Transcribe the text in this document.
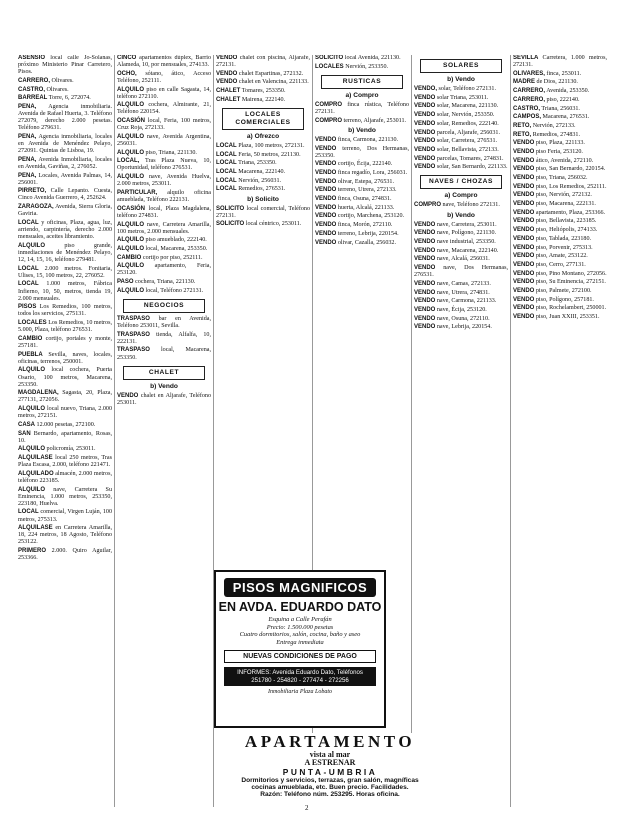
ASENSIO local calle Jo-Solanas, próximo Ministerio Pinar Carretero, Pisos.

CARRERO, Olivares.

CASTRO, Olivares.

BARREAL Torre, 6, 272074.

PENA, Agencia inmobiliaria. Avenida de Rafael Huerta, 3. Teléfono 272079, derecho 2.000 pesetas. Teléfono 279631.

PENA, Agencia inmobiliaria, locales en Avenida de Menéndez Pelayo, 272091. Quintas de Lisboa, 19.

PENA, Avenida Inmobiliaria, locales en Avenida, Gaviñas, 2, 276052.

PENA, Locales, Avenida Palmas, 14, 256001.

PIRRETO, Calle Lepanto. Cuesta, Cinco Avenida Guerrero, 4, 252624.

ZARAGOZA, Avenida, Sierra Gloria, Gaviria.

LOCAL y oficinas, Plaza, agua, luz, arriendo, carpintería, derecho 2.000 mensuales, aceites libramiento.

ALQUILO piso grande, inmediaciones de Menéndez Pelayo, 12, 14, 15, 16, teléfono 279481.

LOCAL 2.000 metros. Fonitaria, Ulises, 15, 100 metros, 22, 276052.

LOCAL 1.000 metros, Fábrica Infierno, 10, 50, metros, tienda 19, 2.000 mensuales.

PISOS Los Remedios, 100 metros, todos los servicios, 275131.

LOCALES Los Remedios, 10 metros, 5.000, Plaza, teléfono 276531.

CAMBIO cortijo, portales y monte, 257181.

PUEBLA Sevilla, naves, locales, oficinas, terrenos, 250001.

ALQUILO local cochera, Puerta Osario, 100 metros, Macarena, 253350.

MAGDALENA, Sagasta, 20, Plaza, 277131, 272056.

ALQUILO local nuevo, Triana, 2.000 metros, 272151.

CASA 12.000 pesetas, 272100.

SAN Bernardo, apartamento, Rosas, 10.

ALQUILO policromía, 253011.

ALQUILASE local 250 metros, Tras Plaza Escasa, 2.000, teléfono 221471.

ALQUILADO almacén, 2.000 metros, teléfono 223185.

ALQUILO nave, Carretera Su Eminencia, 1.000 metros, 253350, 223180, Huelva.

LOCAL comercial, Virgen Luján, 100 metros, 275313.

ALQUILASE en Carretera Amarilla, 18, 224 metros, 18 Agosto, Teléfono 253122.

PRIMERO 2.000. Quiro Aguilar, 253366.

CINCO apartamentos dúplex, Barrio Alameda, 10, por mensuales, 274133.

OCHO, sótano, ático, Acceso Teléfono, 252111.

ALQUILO piso en calle Sagasta, 14, teléfono 272110.

ALQUILO cochera, Almirante, 21, Teléfono 220154.

OCASIÓN local, Feria, 100 metros, Cruz Roja, 272133.

ALQUILO nave, Avenida Argentina, 256031.

ALQUILO piso, Triana, 221130.

LOCAL, Tras Plaza Nueva, 10, Oportunidad, teléfono 276531.

ALQUILO nave, Avenida Huelva, 2.000 metros, 253011.

PARTICULAR, alquilo oficina amueblada, Teléfono 222131.

OCASIÓN local, Plaza Magdalena, teléfono 274831.

ALQUILO nave, Carretera Amarilla, 100 metros, 2.000 mensuales.

ALQUILO piso amueblado, 222140.

ALQUILO local, Macarena, 253350.

CAMBIO cortijo por piso, 252111.

ALQUILO apartamento, Feria, 253120.

PASO cochera, Triana, 221130.

ALQUILO local, Teléfono 272131.

NEGOCIOS

TRASPASO bar en Avenida, Teléfono 253011, Sevilla.

TRASPASO tienda, Alfalfa, 10, 222131.

TRASPASO local, Macarena, 253350.

CHALET
b) Vendo

VENDO chalet en Aljarafe, Teléfono 253011.

VENDO chalet con piscina, Aljarafe, 272131.

VENDO chalet Espartinas, 272132.

VENDO chalet en Valencina, 221133.

CHALET Tomares, 253350.

CHALET Mairena, 222140.

LOCALES COMERCIALES
a) Ofrezco

LOCAL Plaza, 100 metros, 272131.

LOCAL Feria, 50 metros, 221130.

LOCAL Triana, 253350.

LOCAL Macarena, 222140.

LOCAL Nervión, 256031.

LOCAL Remedios, 276531.

b) Solicito

SOLICITO local comercial, Teléfono 272131.

SOLICITO local céntrico, 253011.

SOLICITO local Avenida, 221130.

LOCALES Nervión, 253350.

RUSTICAS
a) Compro

COMPRO finca rústica, Teléfono 272131.

COMPRO terreno, Aljarafe, 253011.

b) Vendo

VENDO finca, Carmona, 221130.

VENDO terreno, Dos Hermanas, 253350.

VENDO cortijo, Écija, 222140.

VENDO finca regadío, Lora, 256031.

VENDO olivar, Estepa, 276531.

VENDO terreno, Utrera, 272133.

VENDO finca, Osuna, 274831.

VENDO huerta, Alcalá, 221133.

VENDO cortijo, Marchena, 253120.

VENDO finca, Morón, 272110.

VENDO terreno, Lebrija, 220154.

VENDO olivar, Cazalla, 256032.

SOLARES
b) Vendo

VENDO, solar, Teléfono 272131.

VENDO solar Triana, 253011.

VENDO solar, Macarena, 221130.

VENDO solar, Nervión, 253350.

VENDO solar, Remedios, 222140.

VENDO parcela, Aljarafe, 256031.

VENDO solar, Carretera, 276531.

VENDO solar, Bellavista, 272133.

VENDO parcelas, Tomares, 274831.

VENDO solar, San Bernardo, 221133.

NAVES / CHOZAS
a) Compro

COMPRO nave, Teléfono 272131.

b) Vendo

VENDO nave, Carretera, 253011.

VENDO nave, Polígono, 221130.

VENDO nave industrial, 253350.

VENDO nave, Macarena, 222140.

VENDO nave, Alcalá, 256031.

VENDO nave, Dos Hermanas, 276531.

VENDO nave, Camas, 272133.

VENDO nave, Utrera, 274831.

VENDO nave, Carmona, 221133.

VENDO nave, Écija, 253120.

VENDO nave, Osuna, 272110.

VENDO nave, Lebrija, 220154.

SEVILLA Carretera, 1.000 metros, 272131.

OLIVARES, finca, 253011.

MADRE de Dios, 221130.

CARRERO, Avenida, 253350.

CARRERO, piso, 222140.

CASTRO, Triana, 256031.

CAMPOS, Macarena, 276531.

RETO, Nervión, 272133.

RETO, Remedios, 274831.

VENDO piso, Plaza, 221133.

VENDO piso Feria, 253120.

VENDO ático, Avenida, 272110.

VENDO piso, San Bernardo, 220154.

VENDO piso, Triana, 256032.

VENDO piso, Los Remedios, 252111.

VENDO piso, Nervión, 272132.

VENDO piso, Macarena, 222131.

VENDO apartamento, Plaza, 253366.

VENDO piso, Bellavista, 223185.

VENDO piso, Heliópolis, 274133.

VENDO piso, Tablada, 223180.

VENDO piso, Porvenir, 275313.

VENDO piso, Amate, 253122.

VENDO piso, Cerro, 277131.

VENDO piso, Pino Montano, 272056.

VENDO piso, Su Eminencia, 272151.

VENDO piso, Palmete, 272100.

VENDO piso, Polígono, 257181.

VENDO piso, Rochelambert, 250001.

VENDO piso, Juan XXIII, 253351.

PISOS MAGNIFICOS
EN AVDA. EDUARDO DATO
Esquina a Calle Perafán
Precio: 1.500.000 pesetas
Cuatro dormitorios, salón, cocina, baño y aseo
Entrega inmediata
NUEVAS CONDICIONES DE PAGO
INFORMES: Avenida Eduardo Dato, Teléfonos 251780 - 254820 - 277474 - 272256
Inmobiliaria Plaza Lobato
APARTAMENTO
vista al mar
A ESTRENAR
PUNTA-UMBRIA
Dormitorios y servicios, terrazas, gran salón, magníficas cocinas amueblada, etc. Buen precio. Facilidades.
Razón: Teléfono núm. 253295. Horas oficina.
2
